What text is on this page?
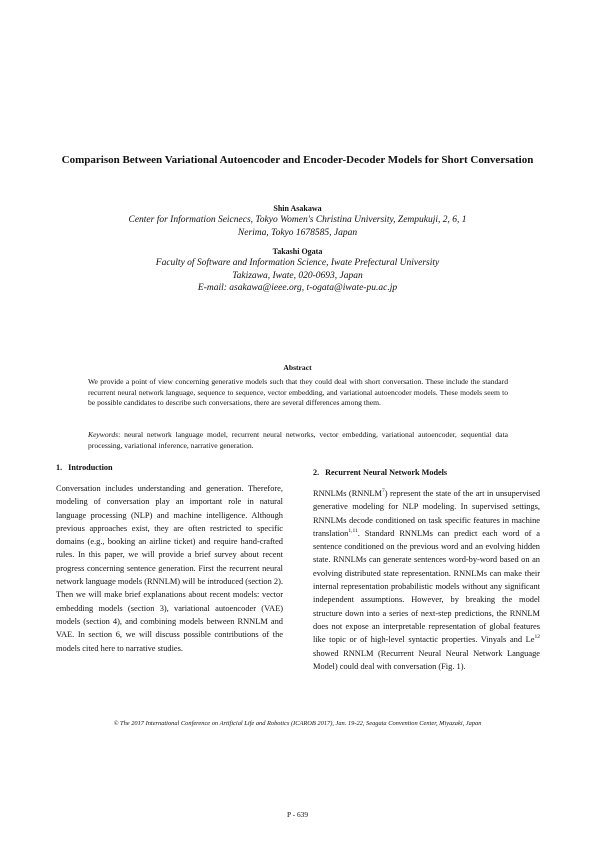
Comparison Between Variational Autoencoder and Encoder-Decoder Models for Short Conversation
Shin Asakawa
Center for Information Seicnecs, Tokyo Women's Christina University, Zempukuji, 2, 6, 1
Nerima, Tokyo 1678585, Japan
Takashi Ogata
Faculty of Software and Information Science, Iwate Prefectural University
Takizawa, Iwate, 020-0693, Japan
E-mail: asakawa@ieee.org, t-ogata@iwate-pu.ac.jp
Abstract
We provide a point of view concerning generative models such that they could deal with short conversation. These include the standard recurrent neural network language, sequence to sequence, vector embedding, and variational autoencoder models. These models seem to be possible candidates to describe such conversations, there are several differences among them.
Keywords: neural network language model, recurrent neural networks, vector embedding, variational autoencoder, sequential data processing, variational inference, narrative generation.
1. Introduction
Conversation includes understanding and generation. Therefore, modeling of conversation play an important role in natural language processing (NLP) and machine intelligence. Although previous approaches exist, they are often restricted to specific domains (e.g., booking an airline ticket) and require hand-crafted rules. In this paper, we will provide a brief survey about recent progress concerning sentence generation. First the recurrent neural network language models (RNNLM) will be introduced (section 2). Then we will make brief explanations about recent models: vector embedding models (section 3), variational autoencoder (VAE) models (section 4), and combining models between RNNLM and VAE. In section 6, we will discuss possible contributions of the models cited here to narrative studies.
2. Recurrent Neural Network Models
RNNLMs (RNNLM$^7$) represent the state of the art in unsupervised generative modeling for NLP modeling. In supervised settings, RNNLMs decode conditioned on task specific features in machine translation$^{1,11}$. Standard RNNLMs can predict each word of a sentence conditioned on the previous word and an evolving hidden state. RNNLMs can generate sentences word-by-word based on an evolving distributed state representation. RNNLMs can make their internal representation probabilistic models without any significant independent assumptions. However, by breaking the model structure down into a series of next-step predictions, the RNNLM does not expose an interpretable representation of global features like topic or of high-level syntactic properties. Vinyals and Le$^{12}$ showed RNNLM (Recurrent Neural Neural Network Language Model) could deal with conversation (Fig. 1).
© The 2017 International Conference on Artificial Life and Robotics (ICAROB 2017), Jan. 19-22, Seagaia Convention Center, Miyazaki, Japan
P - 639
